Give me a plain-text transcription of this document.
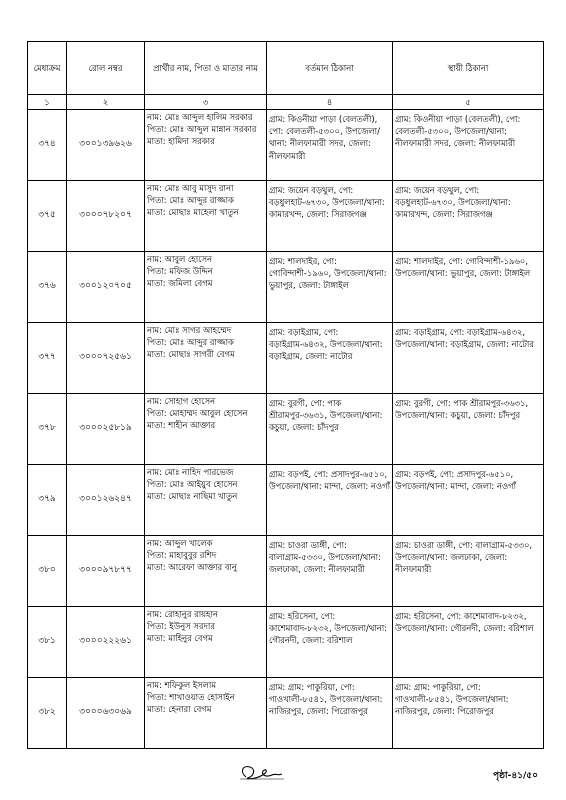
মেধাক্রম	রোল নম্বর	প্রার্থীর নাম, পিতা ও মাতার নাম	বর্তমান ঠিকানা	স্থায়ী ঠিকানা
১	২	৩	৪	৫
৩৭৪	৩০০১৩৯৬২৬	নাম: মোঃ আব্দুল হালিম সরকার
পিতা: মোঃ আব্দুল মান্নান সরকার
মাতা: হামিদা সরকার	গ্রাম: কিওনীয়া পাড়া (বেলতলী), পো: বেলতলী-৫৩০০, উপজেলা/থানা: নীলফামারী সদর, জেলা: নীলফামারী	গ্রাম: কিওনীয়া পাড়া (বেলতলী), পো: বেলতলী-৫৩০০, উপজেলা/থানা: নীলফামারী সদর, জেলা: নীলফামারী
৩৭৫	৩০০০৭৮২০৭	নাম: মোঃ আবু মাসুদ রানা
পিতা: মোঃ আব্দুর রাজ্জাক
মাতা: মোছাঃ মাহেলা খাতুন	গ্রাম: জয়েন বড়থুল, পো: বড়ধুলহাট-৬৭৩০, উপজেলা/থানা: কামারখন্দ, জেলা: সিরাজগঞ্জ	গ্রাম: জয়েন বড়থুল, পো: বড়ধুলহাট-৬৭৩০, উপজেলা/থানা: কামারখন্দ, জেলা: সিরাজগঞ্জ
৩৭৬	৩০০১২০৭০৫	নাম: আবুল হোসেন
পিতা: মফিজ উদ্দিন
মাতা: জমিলা বেগম	গ্রাম: শালদাইর, পো: গোবিন্দাশী-১৯৬০, উপজেলা/থানা: ভুয়াপুর, জেলা: টাঙ্গাইল	গ্রাম: শালদাইর, পো: গোবিন্দাশী-১৯৬০, উপজেলা/থানা: ভুয়াপুর, জেলা: টাঙ্গাইল
৩৭৭	৩০০০৭২৫৬১	নাম: মোঃ সাগর আহম্মেদ
পিতা: মোঃ আব্দুর রাজ্জাক
মাতা: মোছাঃ সাগরী বেগম	গ্রাম: বড়াইগ্রাম, পো: বড়াইগ্রাম-৬৪৩২, উপজেলা/থানা: বড়াইগ্রাম, জেলা: নাটোর	গ্রাম: বড়াইগ্রাম, পো: বড়াইগ্রাম-৬৪৩২, উপজেলা/থানা: বড়াইগ্রাম, জেলা: নাটোর
৩৭৮	৩০০০২৫৮১৯	নাম: সোহাগ হোসেন
পিতা: মোহাম্মদ আবুল হোসেন
মাতা: শাহীন আক্তার	গ্রাম: বুরগী, পো: পাক শ্রীরামপুর-৩৬৩১, উপজেলা/থানা: কচুয়া, জেলা: চাঁদপুর	গ্রাম: বুরগী, পো: পাক শ্রীরামপুর-৩৬৩১, উপজেলা/থানা: কচুয়া, জেলা: চাঁদপুর
৩৭৯	৩০০১২৬২৪৭	নাম: মোঃ নাহিদ পারভেজ
পিতা: মোঃ আইয়ুব হোসেন
মাতা: মোছাঃ নাছিমা খাতুন	গ্রাম: বড়পই, পো: প্রসাদপুর-৬৫১০, উপজেলা/থানা: মান্দা, জেলা: নওগাঁ	গ্রাম: বড়পই, পো: প্রসাদপুর-৬৫১০, উপজেলা/থানা: মান্দা, জেলা: নওগাঁ
৩৮০	৩০০০৯৭৮৭৭	নাম: আব্দুল খালেক
পিতা: মাহাবুবুর রশিদ
মাতা: আরেফা আক্তার বানু	গ্রাম: চাওরা ডাঙ্গী, পো: বালাগ্রাম-৫৩৩০, উপজেলা/থানা: জলঢাকা, জেলা: নীলফামারী	গ্রাম: চাওরা ডাঙ্গী, পো: বালাগ্রাম-৫৩৩০, উপজেলা/থানা: জলঢাকা, জেলা: নীলফামারী
৩৮১	৩০০০২২২৬১	নাম: রোহানুর রায়হান
পিতা: ইউনুস সরদার
মাতা: মাহিনুর বেগম	গ্রাম: হরিসেনা, পো: কাশেমাবাদ-৮২৩২, উপজেলা/থানা: গৌরনদী, জেলা: বরিশাল	গ্রাম: হরিসেনা, পো: কাশেমাবাদ-৮২৩২, উপজেলা/থানা: গৌরনদী, জেলা: বরিশাল
৩৮২	৩০০০৬৩০৬৯	নাম: শফিকুল ইসলাম
পিতা: শাখাওয়াত হোসাইন
মাতা: হেনারা বেগম	গ্রাম: গ্রাম: পাকুরিয়া, পো: গাওখালী-৮৫৪১, উপজেলা/থানা: নাজিরপুর, জেলা: পিরোজপুর	গ্রাম: গ্রাম: পাকুরিয়া, পো: গাওখালী-৮৫৪১, উপজেলা/থানা: নাজিরপুর, জেলা: পিরোজপুর
পৃষ্ঠা-৪১/৫০
